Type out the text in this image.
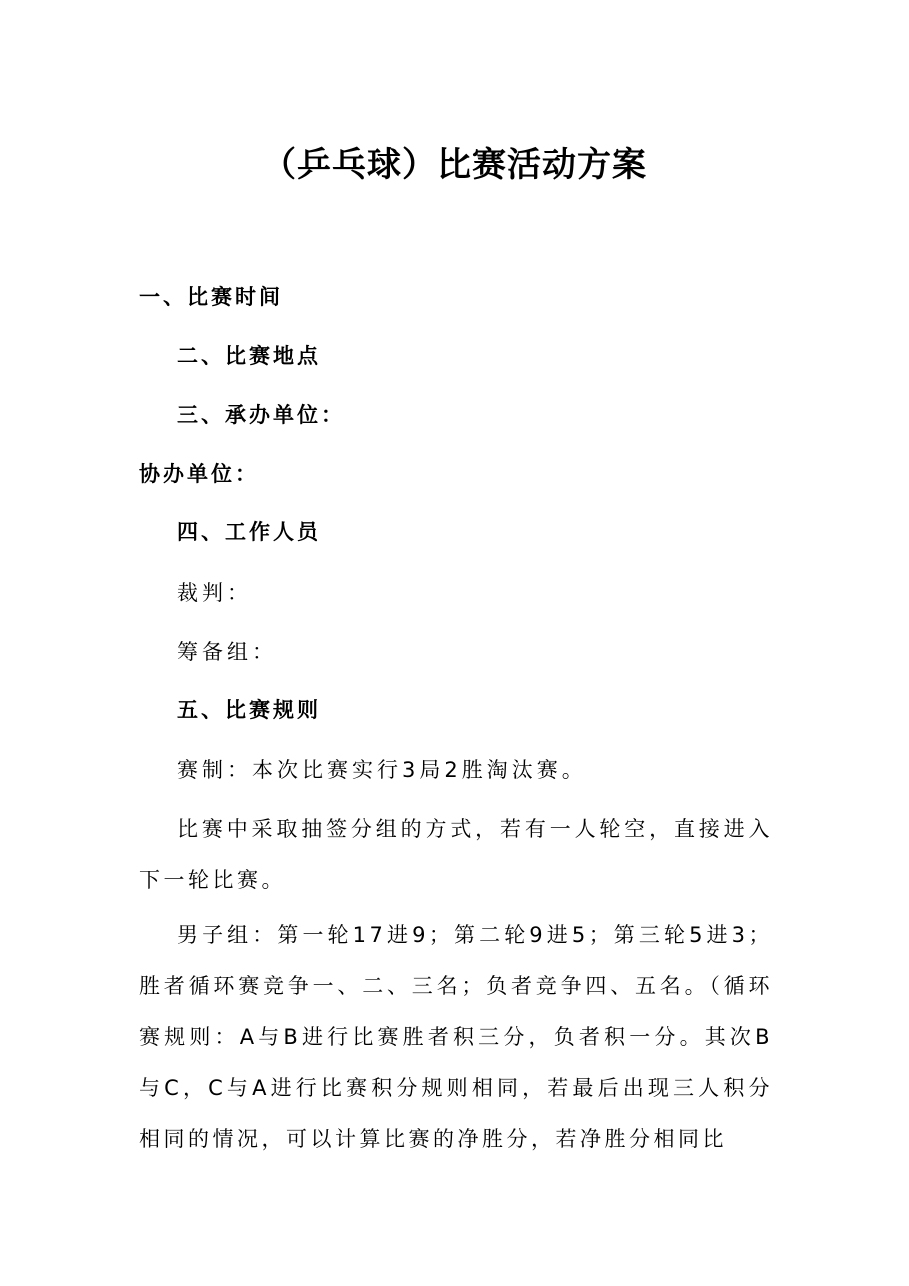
（乒乓球）比赛活动方案
一、比赛时间
二、比赛地点
三、承办单位：
协办单位：
四、工作人员
裁判：
筹备组：
五、比赛规则
赛制：本次比赛实行3局2胜淘汰赛。

比赛中采取抽签分组的方式，若有一人轮空，直接进入下一轮比赛。

男子组：第一轮17进9；第二轮9进5；第三轮5进3；胜者循环赛竞争一、二、三名；负者竞争四、五名。（循环赛规则：A与B进行比赛胜者积三分，负者积一分。其次B与C，C与A进行比赛积分规则相同，若最后出现三人积分相同的情况，可以计算比赛的净胜分，若净胜分相同比
